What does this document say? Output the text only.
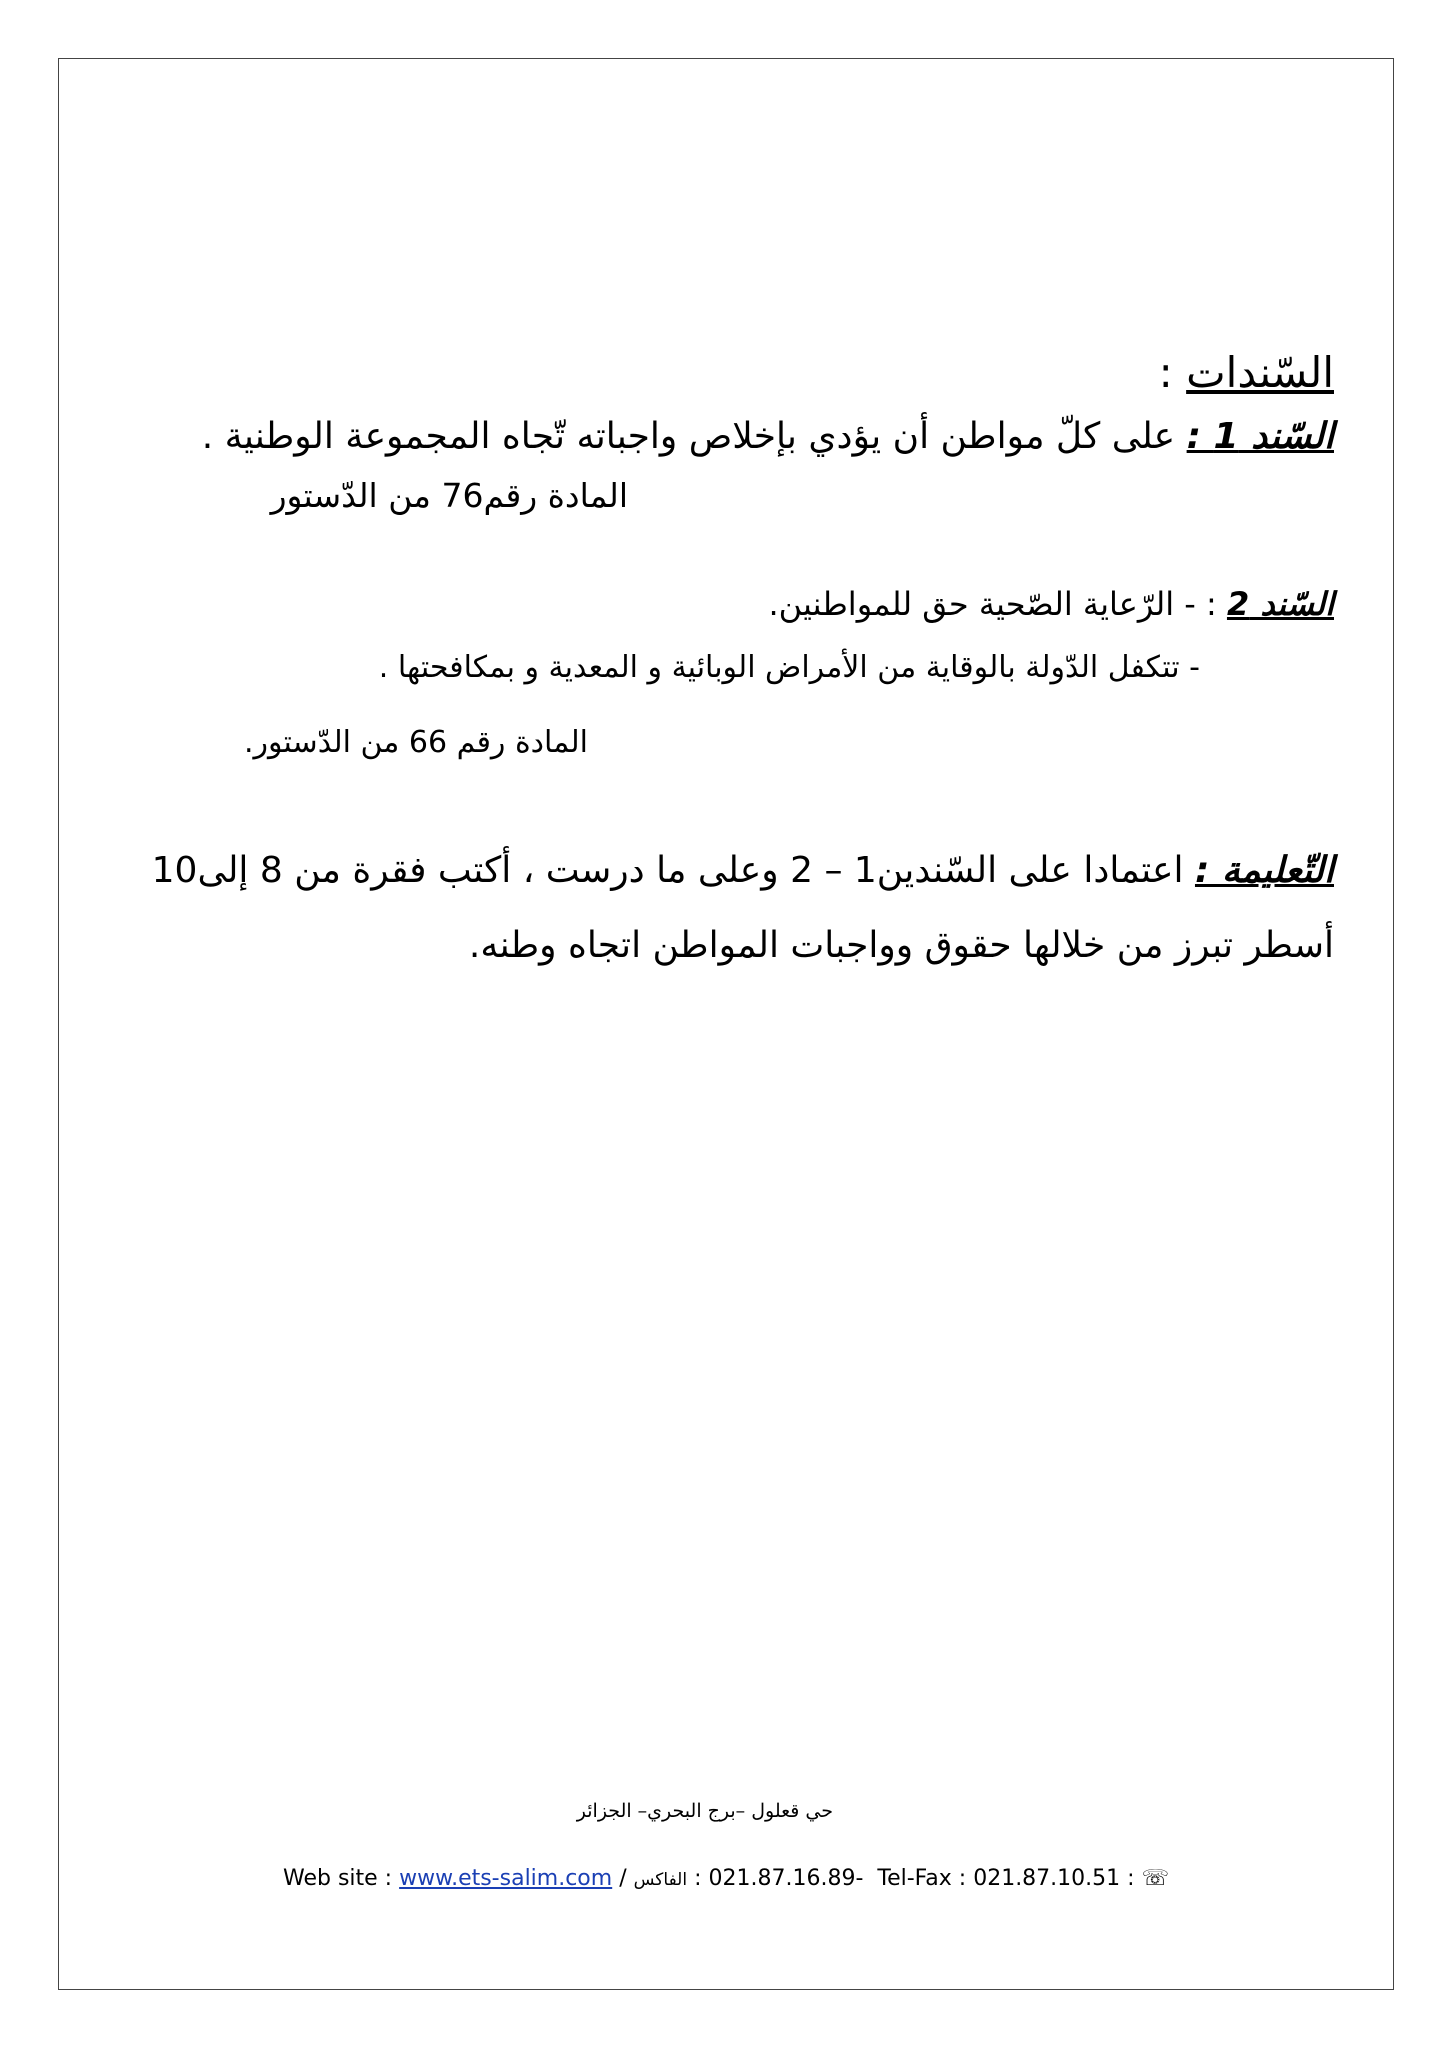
السّندات :
السّند 1 : على كلّ مواطن أن يؤدي بإخلاص واجباته تّجاه المجموعة الوطنية .
المادة رقم76 من الدّستور
السّند 2 : - الرّعاية الصّحية حق للمواطنين.
- تتكفل الدّولة بالوقاية من الأمراض الوبائية و المعدية و بمكافحتها .
المادة رقم 66 من الدّستور.
التّعليمة : اعتمادا على السّندين1 – 2 وعلى ما درست ، أكتب فقرة من 8 إلى10
أسطر تبرز من خلالها حقوق وواجبات المواطن اتجاه وطنه.
حي قعلول –برج البحري– الجزائر
☏ : 021.87.10.51 : Tel-Fax - : 021.87.16.89 الفاكس / www.ets-salim.com Web site :
